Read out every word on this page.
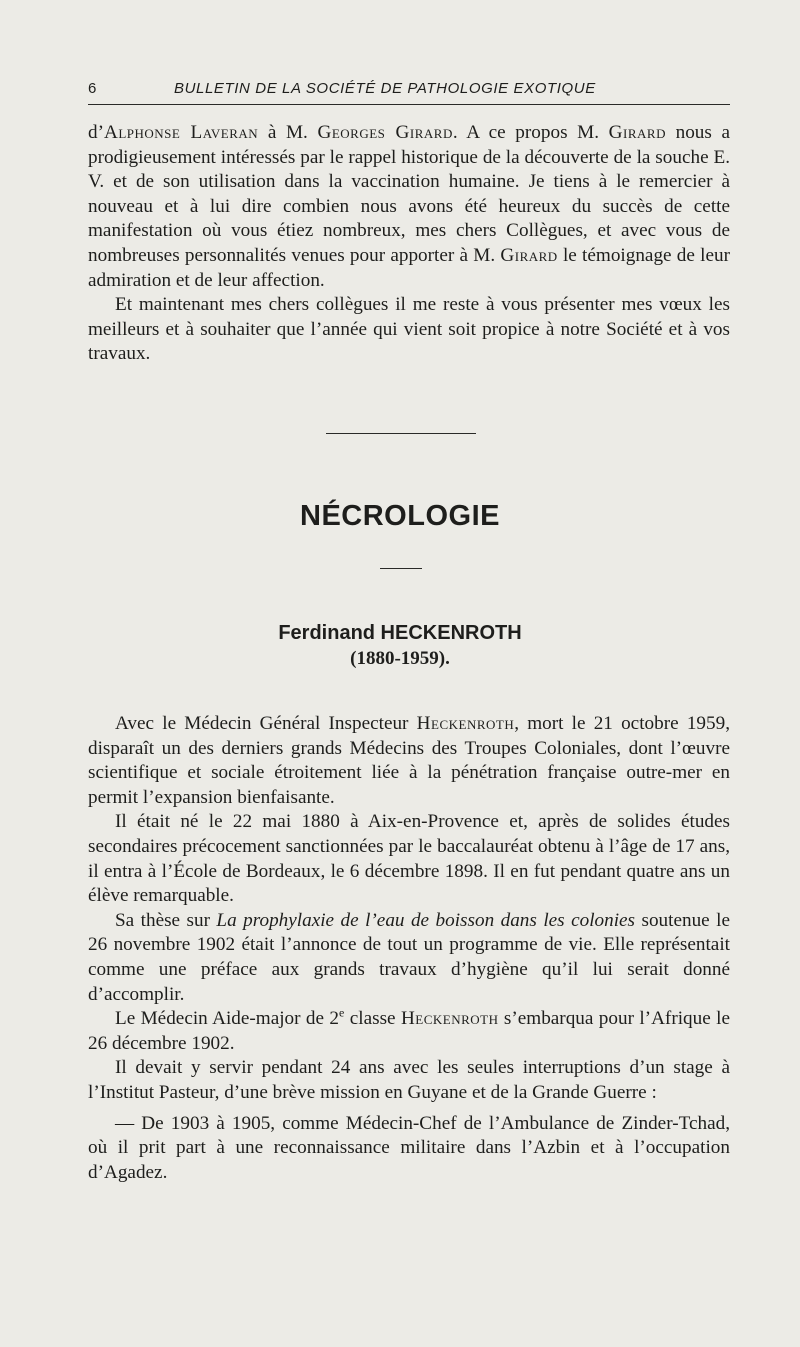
6	BULLETIN DE LA SOCIÉTÉ DE PATHOLOGIE EXOTIQUE

d’Alphonse Laveran à M. Georges Girard. A ce propos M. Girard nous a prodigieusement intéressés par le rappel historique de la découverte de la souche E. V. et de son utilisation dans la vaccination humaine. Je tiens à le remercier à nouveau et à lui dire combien nous avons été heureux du succès de cette manifestation où vous étiez nombreux, mes chers Collègues, et avec vous de nombreuses personnalités venues pour apporter à M. Girard le témoignage de leur admiration et de leur affection.

Et maintenant mes chers collègues il me reste à vous présenter mes vœux les meilleurs et à souhaiter que l’année qui vient soit propice à notre Société et à vos travaux.

NÉCROLOGIE
Ferdinand HECKENROTH
(1880-1959).

Avec le Médecin Général Inspecteur Heckenroth, mort le 21 octobre 1959, disparaît un des derniers grands Médecins des Troupes Coloniales, dont l’œuvre scientifique et sociale étroitement liée à la pénétration française outre-mer en permit l’expansion bienfaisante.

Il était né le 22 mai 1880 à Aix-en-Provence et, après de solides études secondaires précocement sanctionnées par le baccalauréat obtenu à l’âge de 17 ans, il entra à l’École de Bordeaux, le 6 décembre 1898. Il en fut pendant quatre ans un élève remarquable.

Sa thèse sur La prophylaxie de l’eau de boisson dans les colonies soutenue le 26 novembre 1902 était l’annonce de tout un programme de vie. Elle représentait comme une préface aux grands travaux d’hygiène qu’il lui serait donné d’accomplir.

Le Médecin Aide-major de 2e classe Heckenroth s’embarqua pour l’Afrique le 26 décembre 1902.

Il devait y servir pendant 24 ans avec les seules interruptions d’un stage à l’Institut Pasteur, d’une brève mission en Guyane et de la Grande Guerre :

— De 1903 à 1905, comme Médecin-Chef de l’Ambulance de Zinder-Tchad, où il prit part à une reconnaissance militaire dans l’Azbin et à l’occupation d’Agadez.
